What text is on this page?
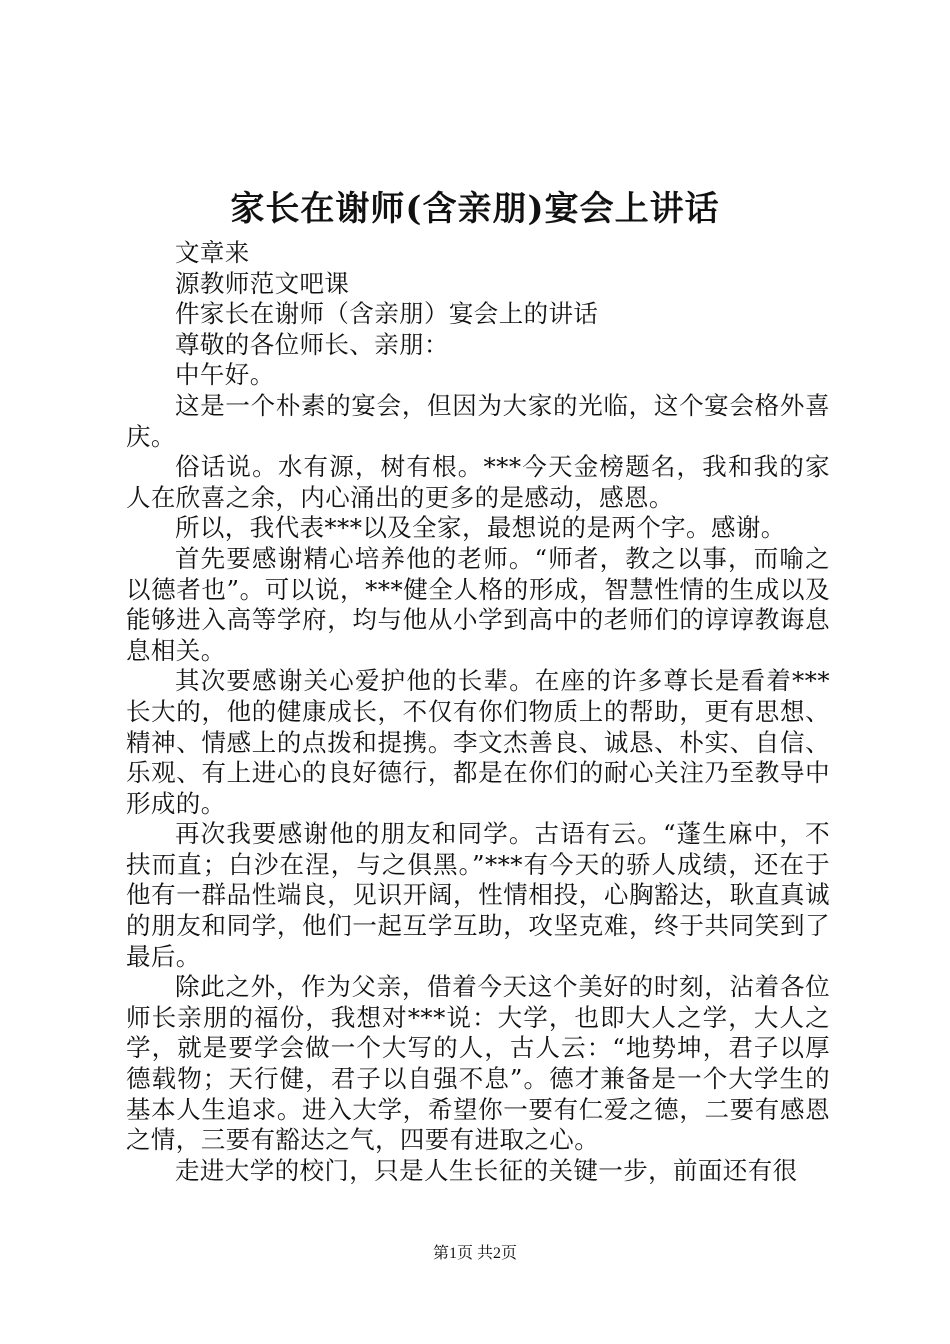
家长在谢师(含亲朋)宴会上讲话

文章来

源教师范文吧课

件家长在谢师（含亲朋）宴会上的讲话

尊敬的各位师长、亲朋：

中午好。

这是一个朴素的宴会，但因为大家的光临，这个宴会格外喜庆。

俗话说。水有源，树有根。***今天金榜题名，我和我的家人在欣喜之余，内心涌出的更多的是感动，感恩。

所以，我代表***以及全家，最想说的是两个字。感谢。

首先要感谢精心培养他的老师。“师者，教之以事，而喻之以德者也”。可以说，***健全人格的形成，智慧性情的生成以及能够进入高等学府，均与他从小学到高中的老师们的谆谆教诲息息相关。

其次要感谢关心爱护他的长辈。在座的许多尊长是看着***长大的，他的健康成长，不仅有你们物质上的帮助，更有思想、精神、情感上的点拨和提携。李文杰善良、诚恳、朴实、自信、乐观、有上进心的良好德行，都是在你们的耐心关注乃至教导中形成的。

再次我要感谢他的朋友和同学。古语有云。“蓬生麻中，不扶而直；白沙在涅，与之俱黑。”***有今天的骄人成绩，还在于他有一群品性端良，见识开阔，性情相投，心胸豁达，耿直真诚的朋友和同学，他们一起互学互助，攻坚克难，终于共同笑到了最后。

除此之外，作为父亲，借着今天这个美好的时刻，沾着各位师长亲朋的福份，我想对***说：大学，也即大人之学，大人之学，就是要学会做一个大写的人，古人云：“地势坤，君子以厚德载物；天行健，君子以自强不息”。德才兼备是一个大学生的基本人生追求。进入大学，希望你一要有仁爱之德，二要有感恩之情，三要有豁达之气，四要有进取之心。

走进大学的校门，只是人生长征的关键一步，前面还有很

第1页 共2页
